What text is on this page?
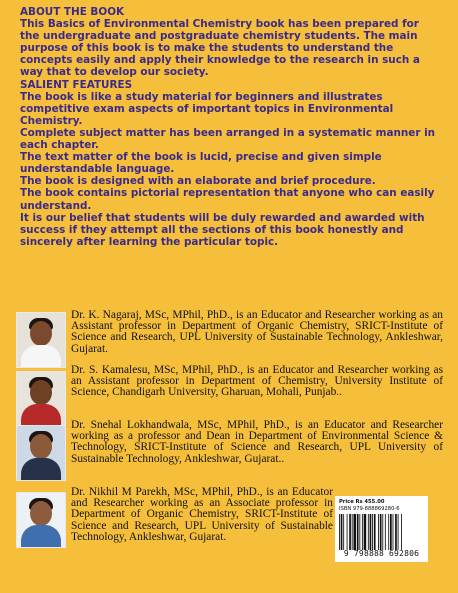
ABOUT THE BOOK
This Basics of Environmental Chemistry book has been prepared for the undergraduate and postgraduate chemistry students. The main purpose of this book is to make the students to understand the concepts easily and apply their knowledge to the research in such a way that to develop our society.
SALIENT FEATURES
The book is like a study material for beginners and illustrates competitive exam aspects of important topics in Environmental Chemistry.
Complete subject matter has been arranged in a systematic manner in each chapter.
The text matter of the book is lucid, precise and given simple understandable language.
The book is designed with an elaborate and brief procedure.
The book contains pictorial representation that anyone who can easily understand.
It is our belief that students will be duly rewarded and awarded with success if they attempt all the sections of this book honestly and sincerely after learning the particular topic.
Dr. K. Nagaraj, MSc, MPhil, PhD., is an Educator and Researcher working as an Assistant professor in Department of Organic Chemistry, SRICT-Institute of Science and Research, UPL University of Sustainable Technology, Ankleshwar, Gujarat.
Dr. S. Kamalesu, MSc, MPhil, PhD., is an Educator and Researcher working as an Assistant professor in Department of Chemistry, University Institute of Science, Chandigarh University, Gharuan, Mohali, Punjab..
Dr. Snehal Lokhandwala, MSc, MPhil, PhD., is an Educator and Researcher working as a professor and Dean in Department of Environmental Science & Technology, SRICT-Institute of Science and Research, UPL University of Sustainable Technology, Ankleshwar, Gujarat..
Dr. Nikhil M Parekh, MSc, MPhil, PhD., is an Educator and Researcher working as an Associate professor in Department of Organic Chemistry, SRICT-Institute of Science and Research, UPL University of Sustainable Technology, Ankleshwar, Gujarat.
Price Rs 455.00
ISBN 979-888869280-6
9 798888 692806
